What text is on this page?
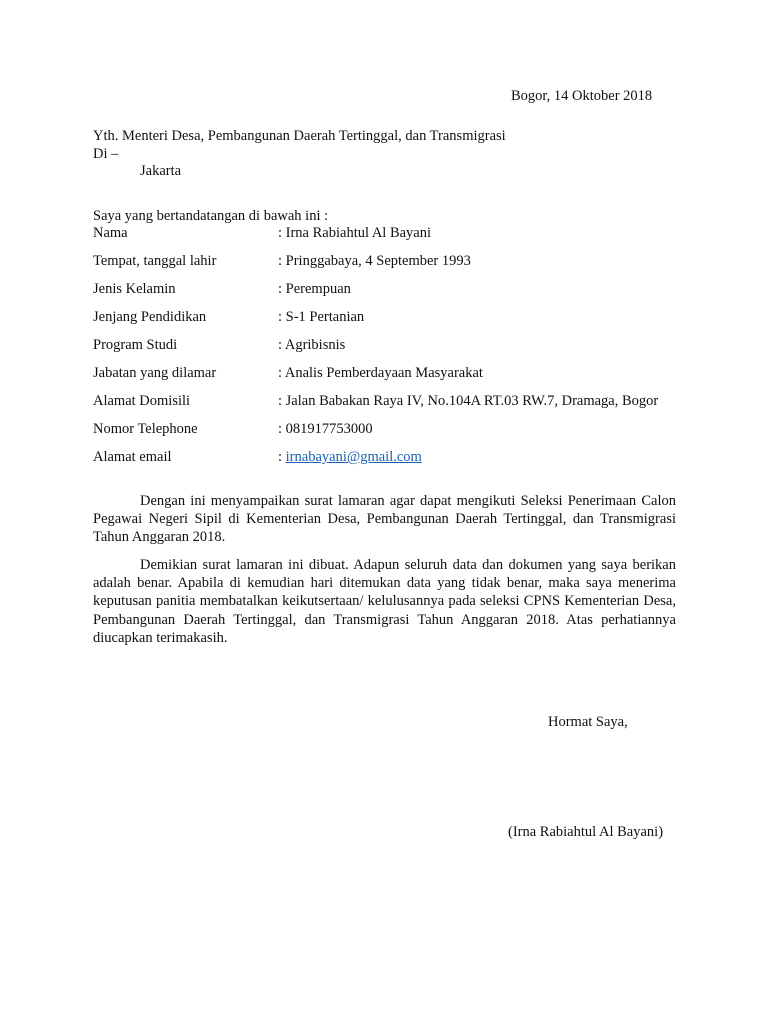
Bogor, 14 Oktober 2018
Yth. Menteri Desa, Pembangunan Daerah Tertinggal, dan Transmigrasi
Di –
Jakarta
Saya yang bertandatangan di bawah ini :
Nama	: Irna Rabiahtul Al Bayani
Tempat, tanggal lahir	: Pringgabaya, 4 September 1993
Jenis Kelamin	: Perempuan
Jenjang Pendidikan	: S-1 Pertanian
Program Studi	: Agribisnis
Jabatan yang dilamar	: Analis Pemberdayaan Masyarakat
Alamat Domisili	: Jalan Babakan Raya IV, No.104A RT.03 RW.7, Dramaga, Bogor
Nomor Telephone	: 081917753000
Alamat email	: irnabayani@gmail.com
Dengan ini menyampaikan surat lamaran agar dapat mengikuti Seleksi Penerimaan Calon Pegawai Negeri Sipil di Kementerian Desa, Pembangunan Daerah Tertinggal, dan Transmigrasi Tahun Anggaran 2018.
Demikian surat lamaran ini dibuat. Adapun seluruh data dan dokumen yang saya berikan adalah benar. Apabila di kemudian hari ditemukan data yang tidak benar, maka saya menerima keputusan panitia membatalkan keikutsertaan/ kelulusannya pada seleksi CPNS Kementerian Desa, Pembangunan Daerah Tertinggal, dan Transmigrasi Tahun Anggaran 2018. Atas perhatiannya diucapkan terimakasih.
Hormat Saya,
(Irna Rabiahtul Al Bayani)
